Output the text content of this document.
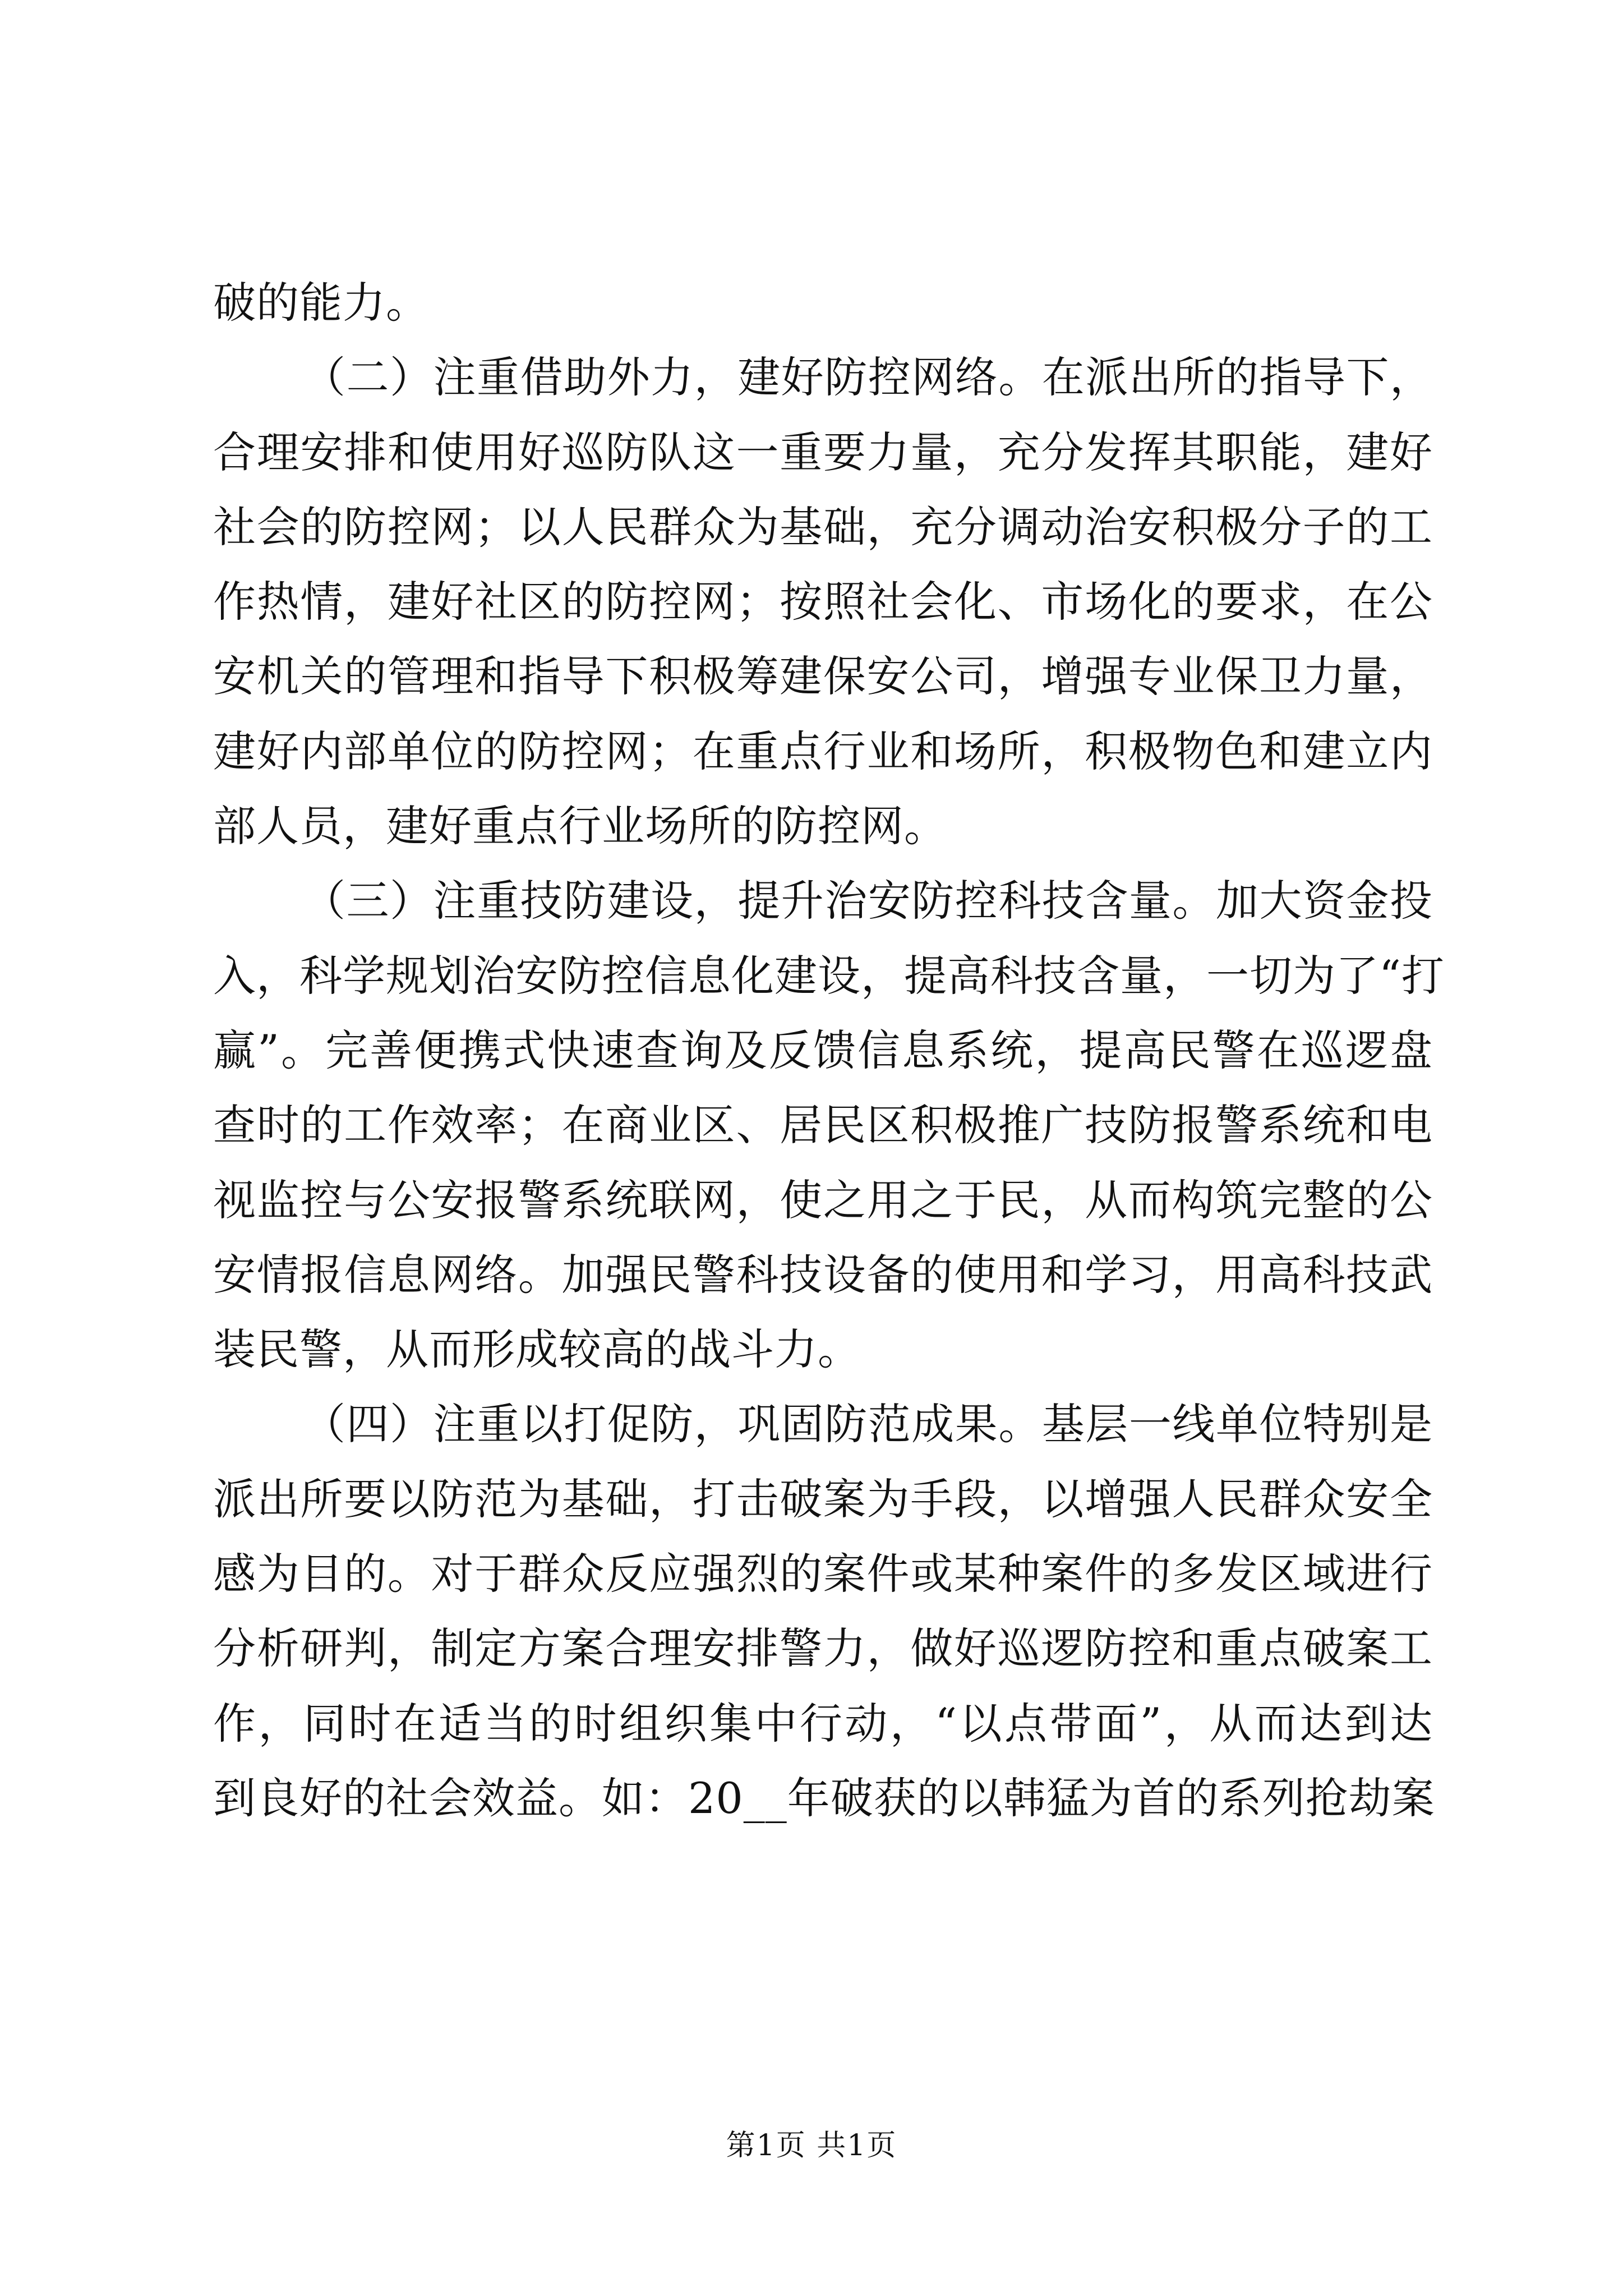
破的能力。
（二）注重借助外力，建好防控网络。在派出所的指导下，
合理安排和使用好巡防队这一重要力量，充分发挥其职能，建好
社会的防控网；以人民群众为基础，充分调动治安积极分子的工
作热情，建好社区的防控网；按照社会化、市场化的要求，在公
安机关的管理和指导下积极筹建保安公司，增强专业保卫力量，
建好内部单位的防控网；在重点行业和场所，积极物色和建立内
部人员，建好重点行业场所的防控网。
（三）注重技防建设，提升治安防控科技含量。加大资金投
入，科学规划治安防控信息化建设，提高科技含量，一切为了“打
赢”。完善便携式快速查询及反馈信息系统，提高民警在巡逻盘
查时的工作效率；在商业区、居民区积极推广技防报警系统和电
视监控与公安报警系统联网，使之用之于民，从而构筑完整的公
安情报信息网络。加强民警科技设备的使用和学习，用高科技武
装民警，从而形成较高的战斗力。
（四）注重以打促防，巩固防范成果。基层一线单位特别是
派出所要以防范为基础，打击破案为手段，以增强人民群众安全
感为目的。对于群众反应强烈的案件或某种案件的多发区域进行
分析研判，制定方案合理安排警力，做好巡逻防控和重点破案工
作，同时在适当的时组织集中行动，“以点带面”，从而达到达
到良好的社会效益。如：20__年破获的以韩猛为首的系列抢劫案
第1页 共1页
